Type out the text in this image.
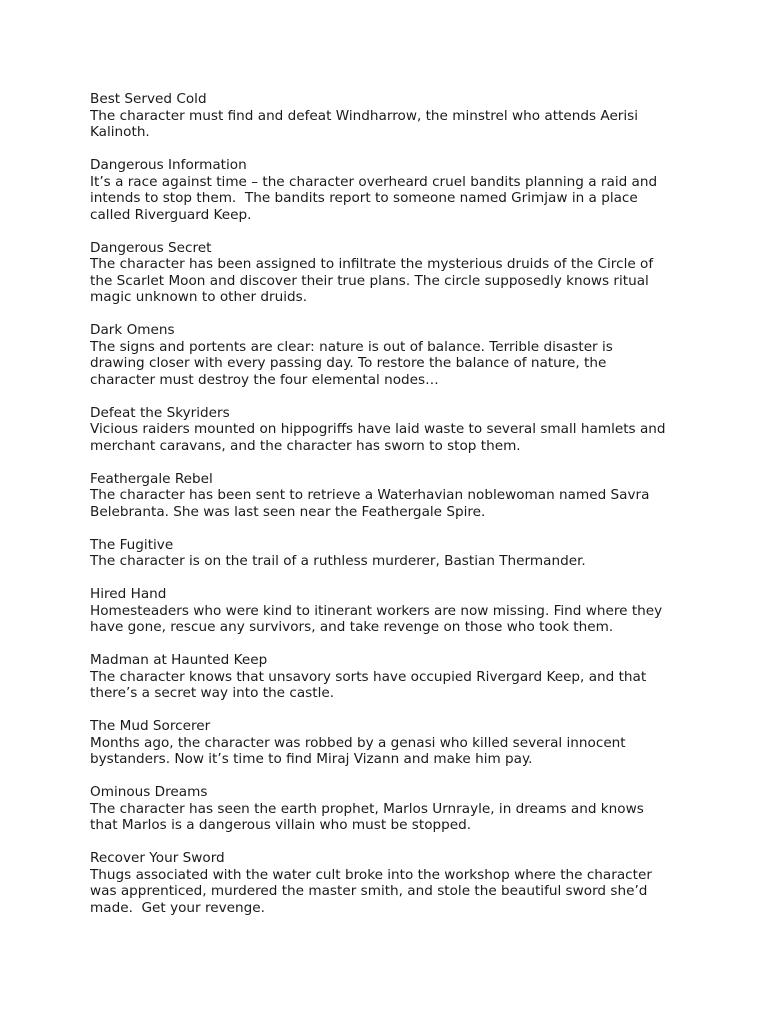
Best Served Cold

The character must find and defeat Windharrow, the minstrel who attends Aerisi
Kalinoth.

Dangerous Information

It’s a race against time – the character overheard cruel bandits planning a raid and
intends to stop them.  The bandits report to someone named Grimjaw in a place
called Riverguard Keep.

Dangerous Secret

The character has been assigned to infiltrate the mysterious druids of the Circle of
the Scarlet Moon and discover their true plans. The circle supposedly knows ritual
magic unknown to other druids.

Dark Omens

The signs and portents are clear: nature is out of balance. Terrible disaster is
drawing closer with every passing day. To restore the balance of nature, the
character must destroy the four elemental nodes…

Defeat the Skyriders

Vicious raiders mounted on hippogriffs have laid waste to several small hamlets and
merchant caravans, and the character has sworn to stop them.

Feathergale Rebel

The character has been sent to retrieve a Waterhavian noblewoman named Savra
Belebranta. She was last seen near the Feathergale Spire.

The Fugitive

The character is on the trail of a ruthless murderer, Bastian Thermander.

Hired Hand

Homesteaders who were kind to itinerant workers are now missing. Find where they
have gone, rescue any survivors, and take revenge on those who took them.

Madman at Haunted Keep

The character knows that unsavory sorts have occupied Rivergard Keep, and that
there’s a secret way into the castle.

The Mud Sorcerer

Months ago, the character was robbed by a genasi who killed several innocent
bystanders. Now it’s time to find Miraj Vizann and make him pay.

Ominous Dreams

The character has seen the earth prophet, Marlos Urnrayle, in dreams and knows
that Marlos is a dangerous villain who must be stopped.

Recover Your Sword

Thugs associated with the water cult broke into the workshop where the character
was apprenticed, murdered the master smith, and stole the beautiful sword she’d
made.  Get your revenge.
